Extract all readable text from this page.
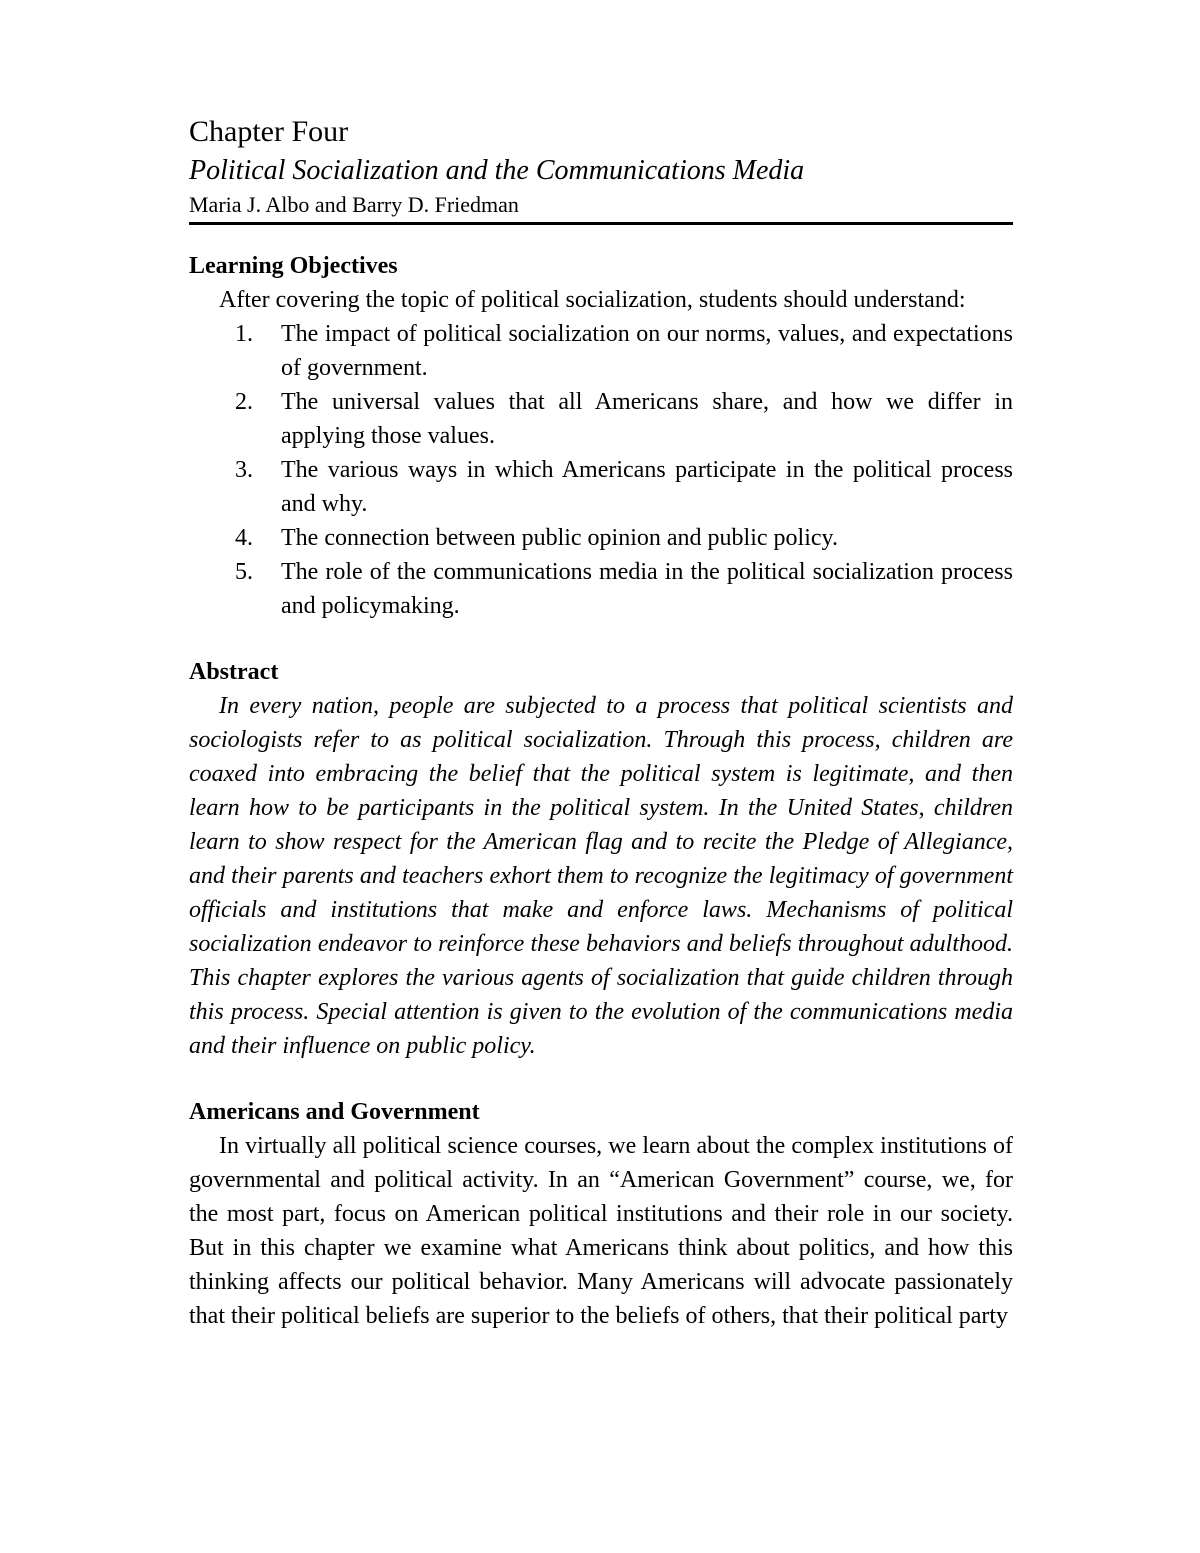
Chapter Four
Political Socialization and the Communications Media

Maria J. Albo and Barry D. Friedman

Learning Objectives

After covering the topic of political socialization, students should understand:

1. The impact of political socialization on our norms, values, and expectations of government.
2. The universal values that all Americans share, and how we differ in applying those values.
3. The various ways in which Americans participate in the political process and why.
4. The connection between public opinion and public policy.
5. The role of the communications media in the political socialization process and policymaking.
Abstract

In every nation, people are subjected to a process that political scientists and sociologists refer to as political socialization. Through this process, children are coaxed into embracing the belief that the political system is legitimate, and then learn how to be participants in the political system. In the United States, children learn to show respect for the American flag and to recite the Pledge of Allegiance, and their parents and teachers exhort them to recognize the legitimacy of government officials and institutions that make and enforce laws. Mechanisms of political socialization endeavor to reinforce these behaviors and beliefs throughout adulthood. This chapter explores the various agents of socialization that guide children through this process. Special attention is given to the evolution of the communications media and their influence on public policy.

Americans and Government

In virtually all political science courses, we learn about the complex institutions of governmental and political activity. In an “American Government” course, we, for the most part, focus on American political institutions and their role in our society. But in this chapter we examine what Americans think about politics, and how this thinking affects our political behavior. Many Americans will advocate passionately that their political beliefs are superior to the beliefs of others, that their political party
